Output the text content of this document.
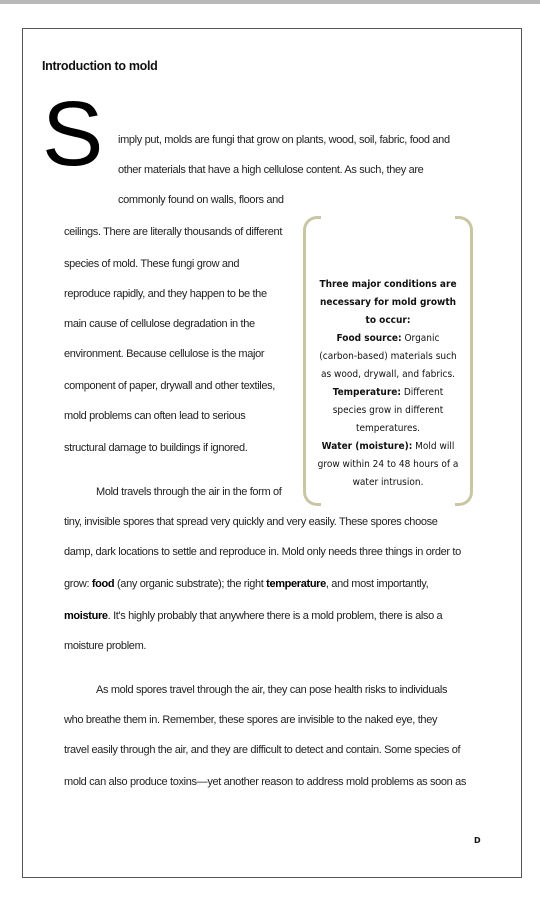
Introduction to mold
S imply put, molds are fungi that grow on plants, wood, soil, fabric, food and
other materials that have a high cellulose content. As such, they are
commonly found on walls, floors and
ceilings. There are literally thousands of different
species of mold. These fungi grow and
reproduce rapidly, and they happen to be the
main cause of cellulose degradation in the
environment. Because cellulose is the major
component of paper, drywall and other textiles,
mold problems can often lead to serious
structural damage to buildings if ignored.

Three major conditions are necessary for mold growth to occur:

Food source: Organic (carbon-based) materials such as wood, drywall, and fabrics.

Temperature: Different species grow in different temperatures.

Water (moisture): Mold will grow within 24 to 48 hours of a water intrusion.

Mold travels through the air in the form of
tiny, invisible spores that spread very quickly and very easily. These spores choose
damp, dark locations to settle and reproduce in. Mold only needs three things in order to
grow: food (any organic substrate); the right temperature, and most importantly,
moisture. It's highly probably that anywhere there is a mold problem, there is also a
moisture problem.
As mold spores travel through the air, they can pose health risks to individuals
who breathe them in. Remember, these spores are invisible to the naked eye, they
travel easily through the air, and they are difficult to detect and contain. Some species of
mold can also produce toxins—yet another reason to address mold problems as soon as
D
